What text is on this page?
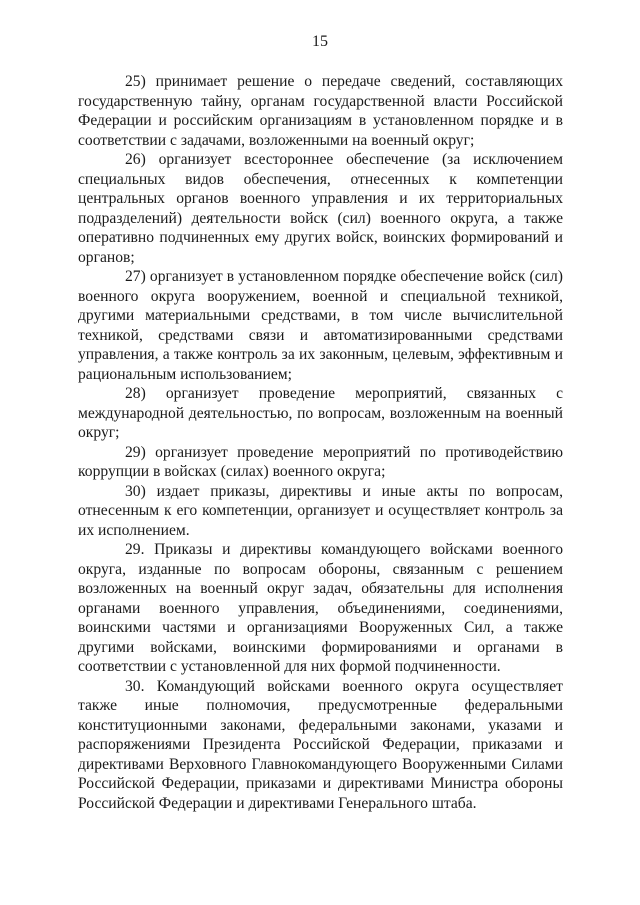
15

25) принимает решение о передаче сведений, составляющих государственную тайну, органам государственной власти Российской Федерации и российским организациям в установленном порядке и в соответствии с задачами, возложенными на военный округ;

26) организует всестороннее обеспечение (за исключением специальных видов обеспечения, отнесенных к компетенции центральных органов военного управления и их территориальных подразделений) деятельности войск (сил) военного округа, а также оперативно подчиненных ему других войск, воинских формирований и органов;

27) организует в установленном порядке обеспечение войск (сил) военного округа вооружением, военной и специальной техникой, другими материальными средствами, в том числе вычислительной техникой, средствами связи и автоматизированными средствами управления, а также контроль за их законным, целевым, эффективным и рациональным использованием;

28) организует проведение мероприятий, связанных с международной деятельностью, по вопросам, возложенным на военный округ;

29) организует проведение мероприятий по противодействию коррупции в войсках (силах) военного округа;

30) издает приказы, директивы и иные акты по вопросам, отнесенным к его компетенции, организует и осуществляет контроль за их исполнением.

29. Приказы и директивы командующего войсками военного округа, изданные по вопросам обороны, связанным с решением возложенных на военный округ задач, обязательны для исполнения органами военного управления, объединениями, соединениями, воинскими частями и организациями Вооруженных Сил, а также другими войсками, воинскими формированиями и органами в соответствии с установленной для них формой подчиненности.

30. Командующий войсками военного округа осуществляет также иные полномочия, предусмотренные федеральными конституционными законами, федеральными законами, указами и распоряжениями Президента Российской Федерации, приказами и директивами Верховного Главнокомандующего Вооруженными Силами Российской Федерации, приказами и директивами Министра обороны Российской Федерации и директивами Генерального штаба.
